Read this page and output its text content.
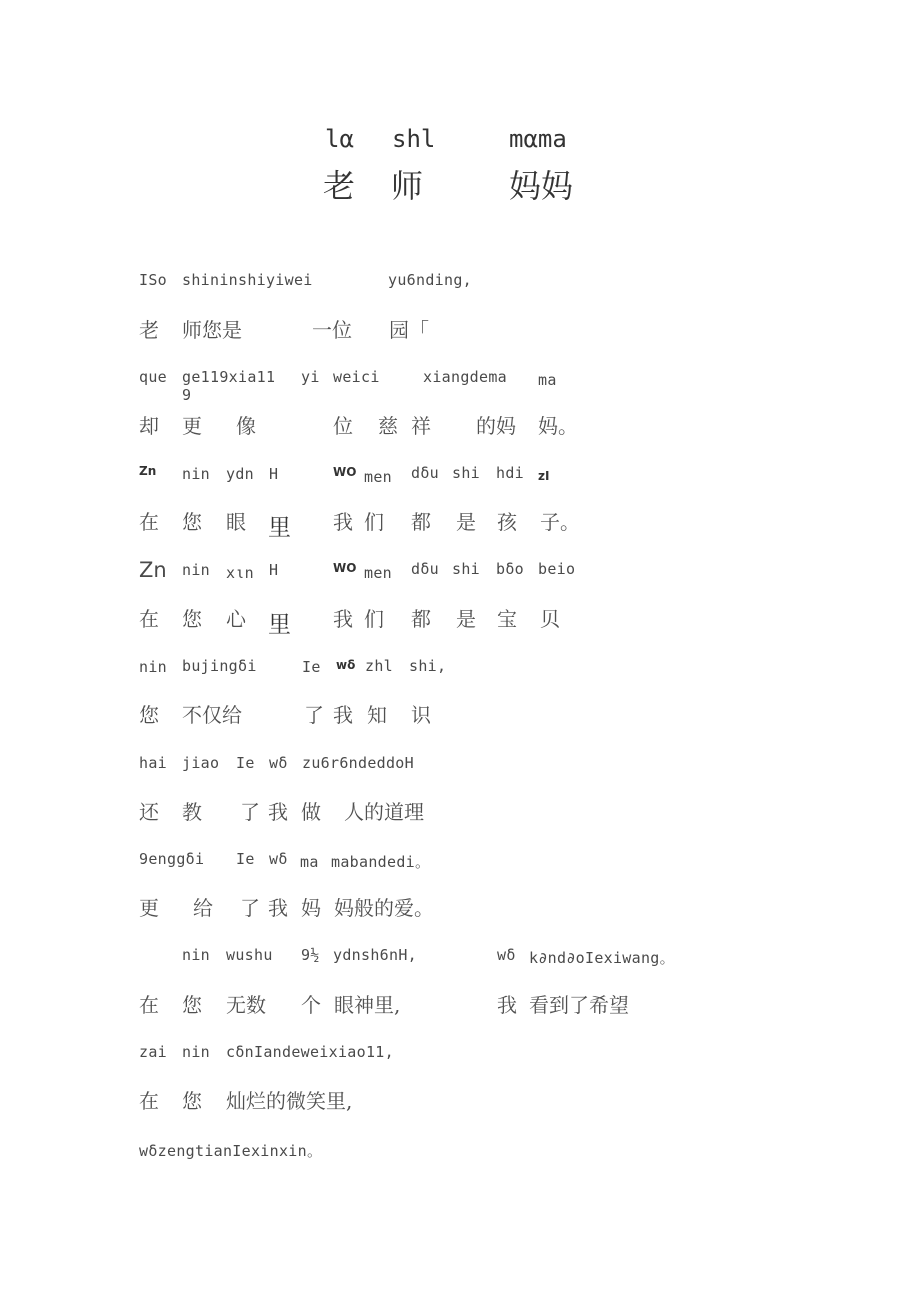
lα shl	mαma
老 师	妈妈
ISo shininshiyiwei	yu6nding,
老 师您是	一位 园「
que ge119xia11
9
yi weici	xiangdema ma
却 更 像	位 慈 祥 的妈 妈。
Zn nin ydn H	WO men dδu shi hdi zI
在 您 眼 里 我 们 都 是 孩 子。
Zn nin xιn H	WO men dδu shi bδo beio
在 您 心 里 我 们 都 是 宝 贝
nin bujingδi	Ie wδ zhl shi,
您 不仅给	了 我 知 识
hai jiao Ie wδ zu6r6ndeddoH
还 教 了 我 做 人的道理
9enggδi Ie wδ ma mabandedi。
更 给 了 我 妈 妈般的爱。
nin wushu 9½ ydnsh6nH,	wδ k∂nd∂oIexiwang。
在 您 无数 个 眼神里,	我 看到了希望
zai nin cδnIandeweixiao11,
在 您 灿烂的微笑里,
wδzengtianIexinxin。
